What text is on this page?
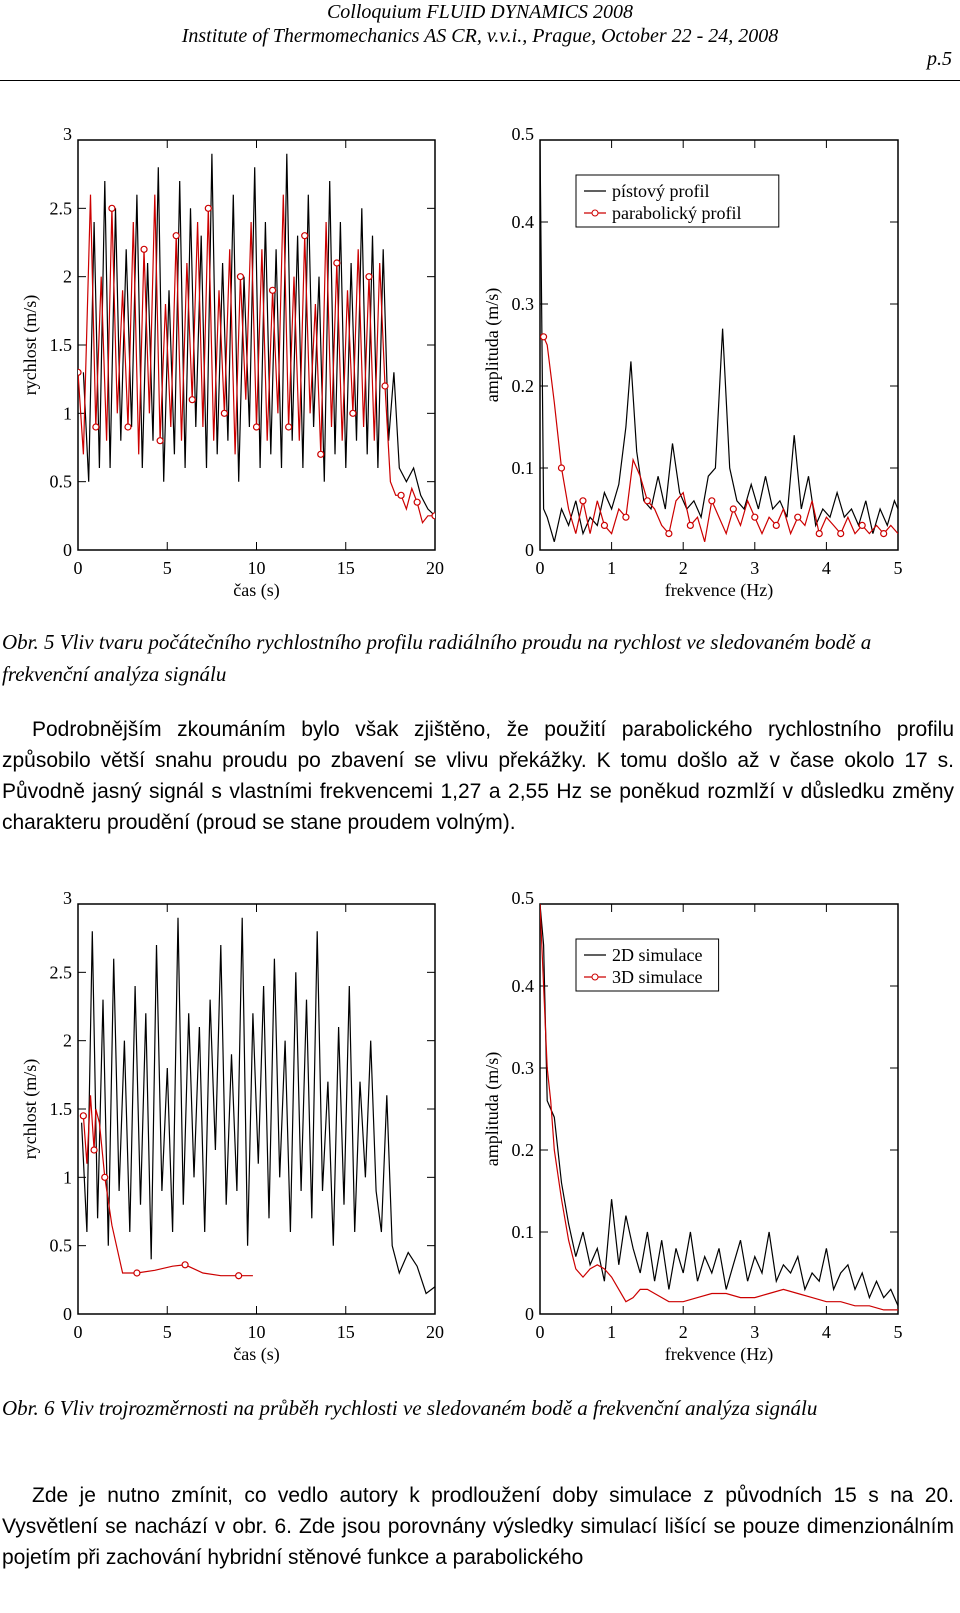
Colloquium FLUID DYNAMICS 2008
Institute of Thermomechanics AS CR, v.v.i., Prague, October 22 - 24, 2008
p.5
0	5	10	15	20
0
0.5
1
1.5
2
2.5
3
čas (s)
rychlost (m/s)
0	1	2	3	4	5
0
0.1
0.2
0.3
0.4
0.5
frekvence (Hz)
amplituda (m/s)
pístový profil
parabolický profil
Obr. 5 Vliv tvaru počátečního rychlostního profilu radiálního proudu na rychlost ve sledovaném bodě a frekvenční analýza signálu
Podrobnějším zkoumáním bylo však zjištěno, že použití parabolického rychlostního profilu způsobilo větší snahu proudu po zbavení se vlivu překážky. K tomu došlo až v čase okolo 17 s. Původně jasný signál s vlastními frekvencemi 1,27 a 2,55 Hz se poněkud rozmlží v důsledku změny charakteru proudění (proud se stane proudem volným).
0	5	10	15	20
0
0.5
1
1.5
2
2.5
3
čas (s)
rychlost (m/s)
0	1	2	3	4	5
0
0.1
0.2
0.3
0.4
0.5
frekvence (Hz)
amplituda (m/s)
2D simulace
3D simulace
Obr. 6 Vliv trojrozměrnosti na průběh rychlosti ve sledovaném bodě a frekvenční analýza signálu
Zde je nutno zmínit, co vedlo autory k prodloužení doby simulace z původních 15 s na 20. Vysvětlení se nachází v obr. 6. Zde jsou porovnány výsledky simulací lišící se pouze dimenzionálním pojetím při zachování hybridní stěnové funkce a parabolického
